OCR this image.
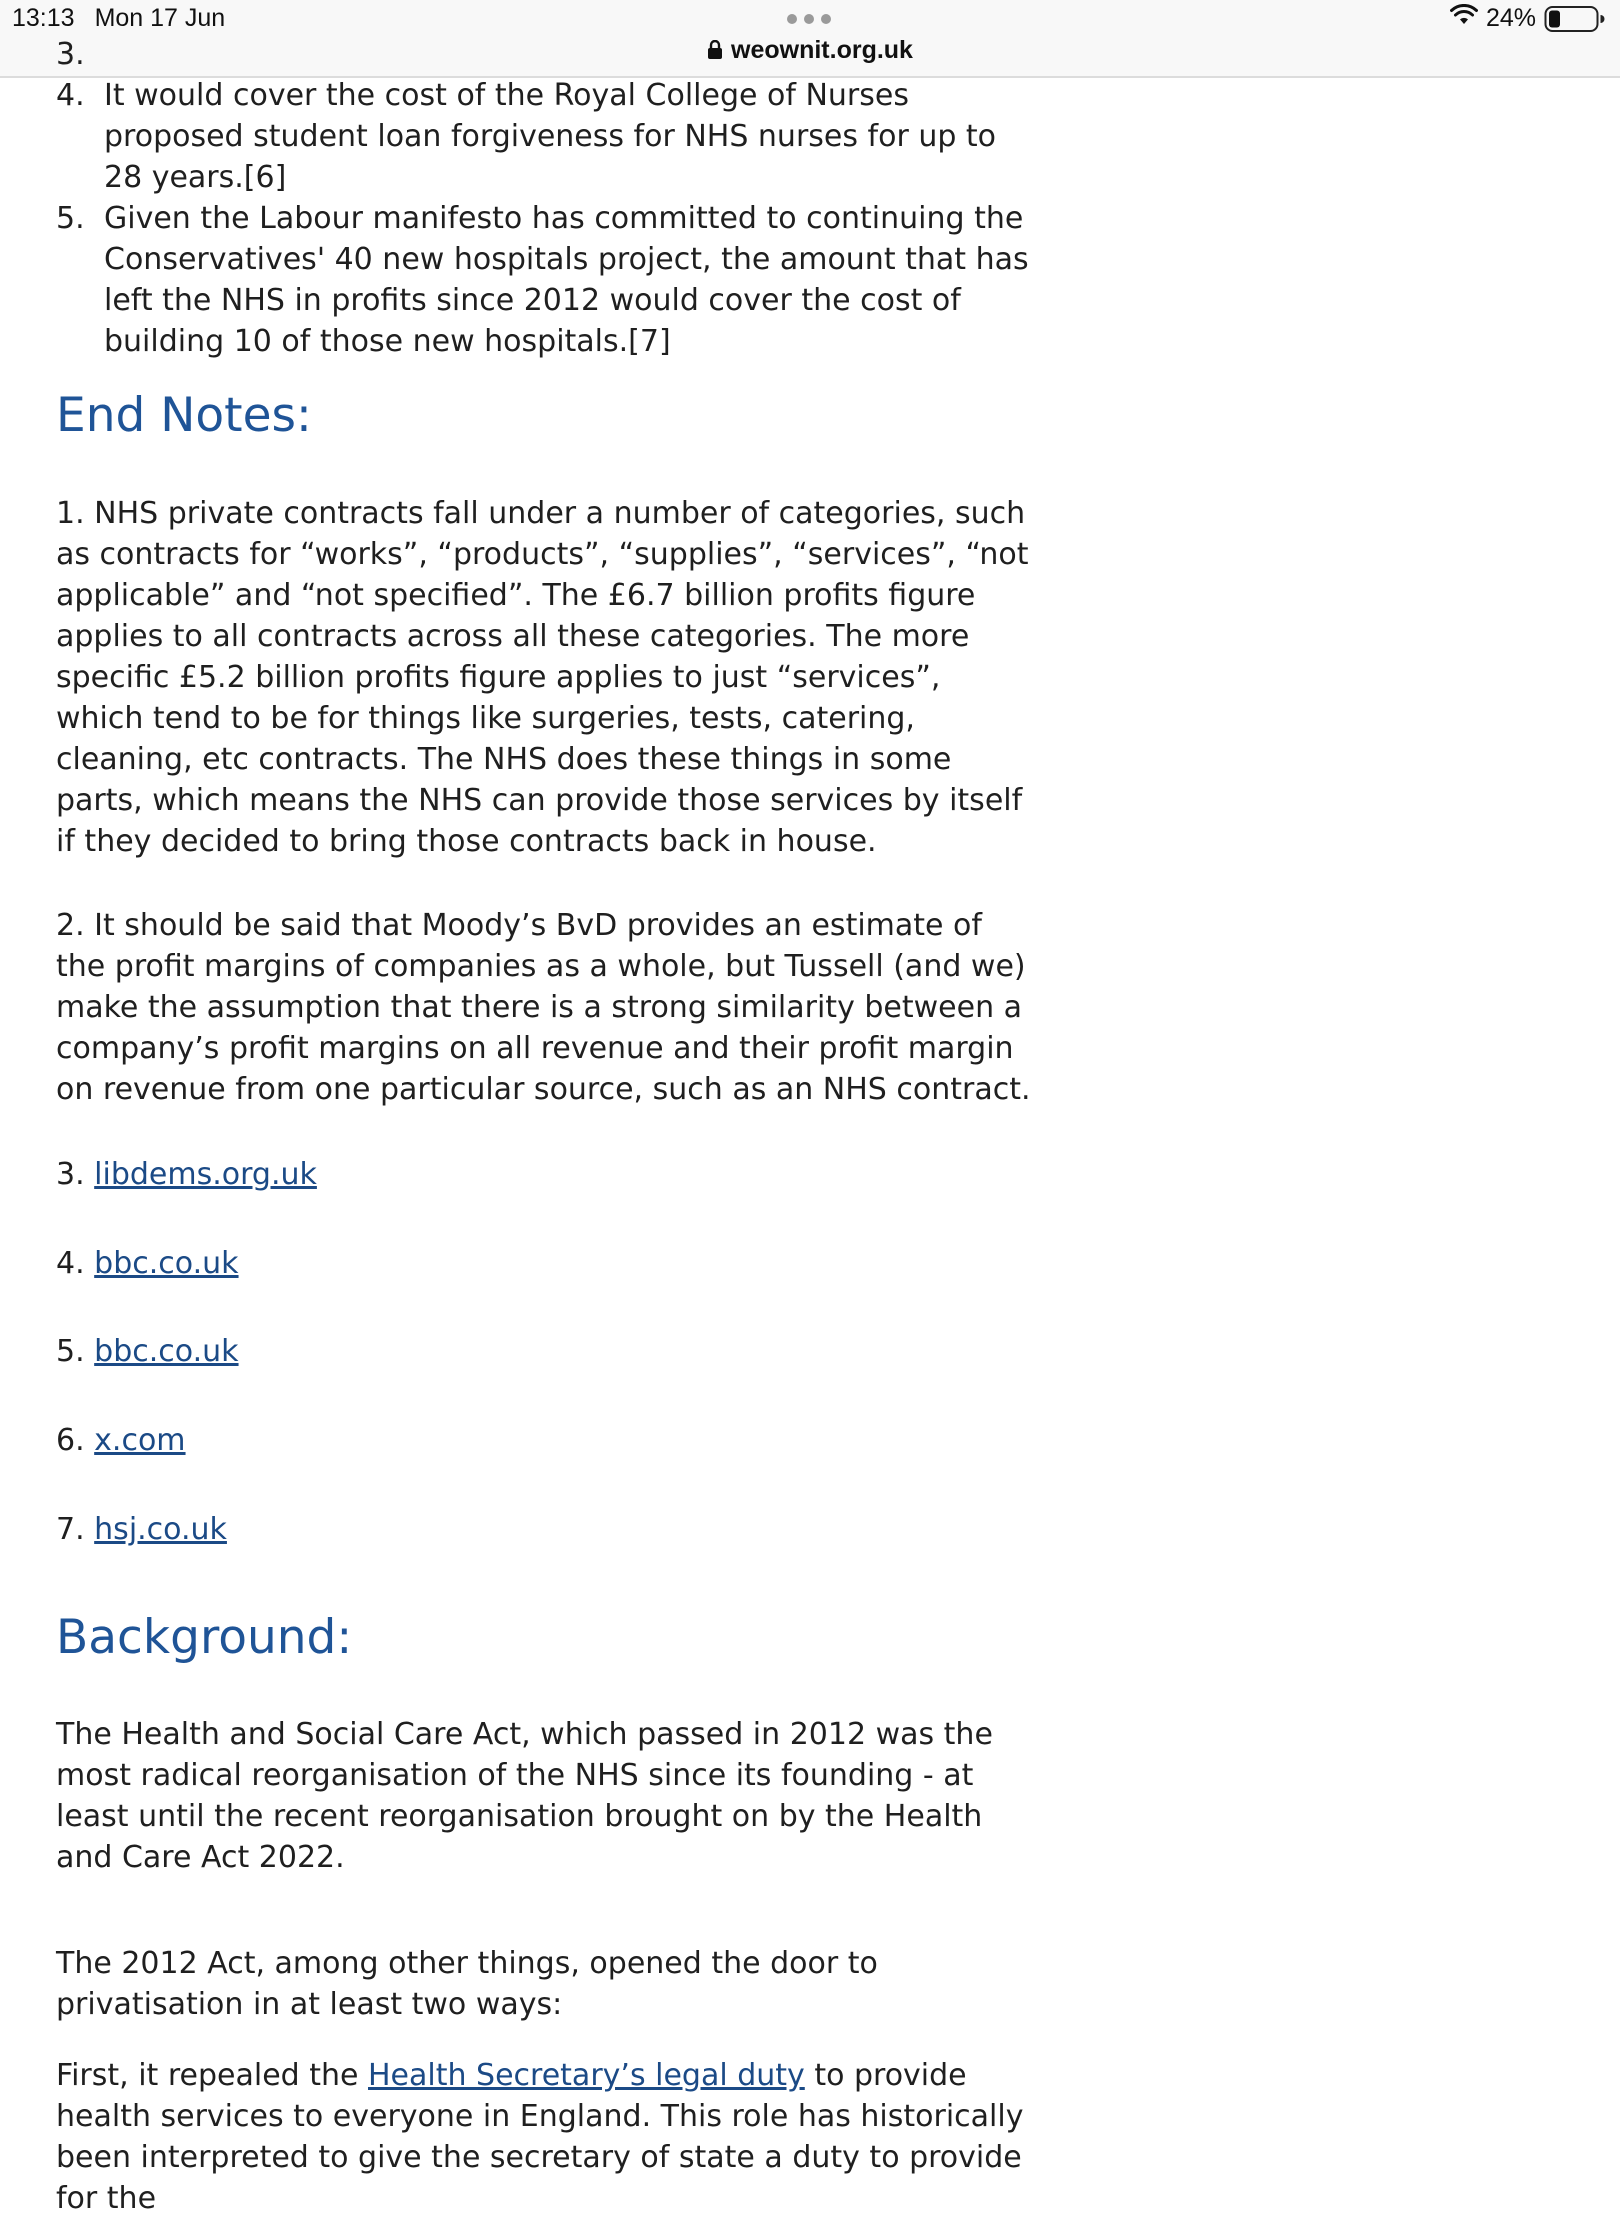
13:13 Mon 17 Jun
weownit.org.uk
24%
3.

4. It would cover the cost of the Royal College of Nurses proposed student loan forgiveness for NHS nurses for up to 28 years.[6]
5. Given the Labour manifesto has committed to continuing the Conservatives' 40 new hospitals project, the amount that has left the NHS in profits since 2012 would cover the cost of building 10 of those new hospitals.[7]
End Notes:

1. NHS private contracts fall under a number of categories, such as contracts for “works”, “products”, “supplies”, “services”, “not applicable” and “not specified”. The £6.7 billion profits figure applies to all contracts across all these categories. The more specific £5.2 billion profits figure applies to just “services”, which tend to be for things like surgeries, tests, catering, cleaning, etc contracts. The NHS does these things in some parts, which means the NHS can provide those services by itself if they decided to bring those contracts back in house.

2. It should be said that Moody’s BvD provides an estimate of the profit margins of companies as a whole, but Tussell (and we) make the assumption that there is a strong similarity between a company’s profit margins on all revenue and their profit margin on revenue from one particular source, such as an NHS contract.

3. libdems.org.uk

4. bbc.co.uk

5. bbc.co.uk

6. x.com

7. hsj.co.uk

Background:

The Health and Social Care Act, which passed in 2012 was the most radical reorganisation of the NHS since its founding - at least until the recent reorganisation brought on by the Health and Care Act 2022.

The 2012 Act, among other things, opened the door to privatisation in at least two ways:

First, it repealed the Health Secretary’s legal duty to provide health services to everyone in England. This role has historically been interpreted to give the secretary of state a duty to provide for the
